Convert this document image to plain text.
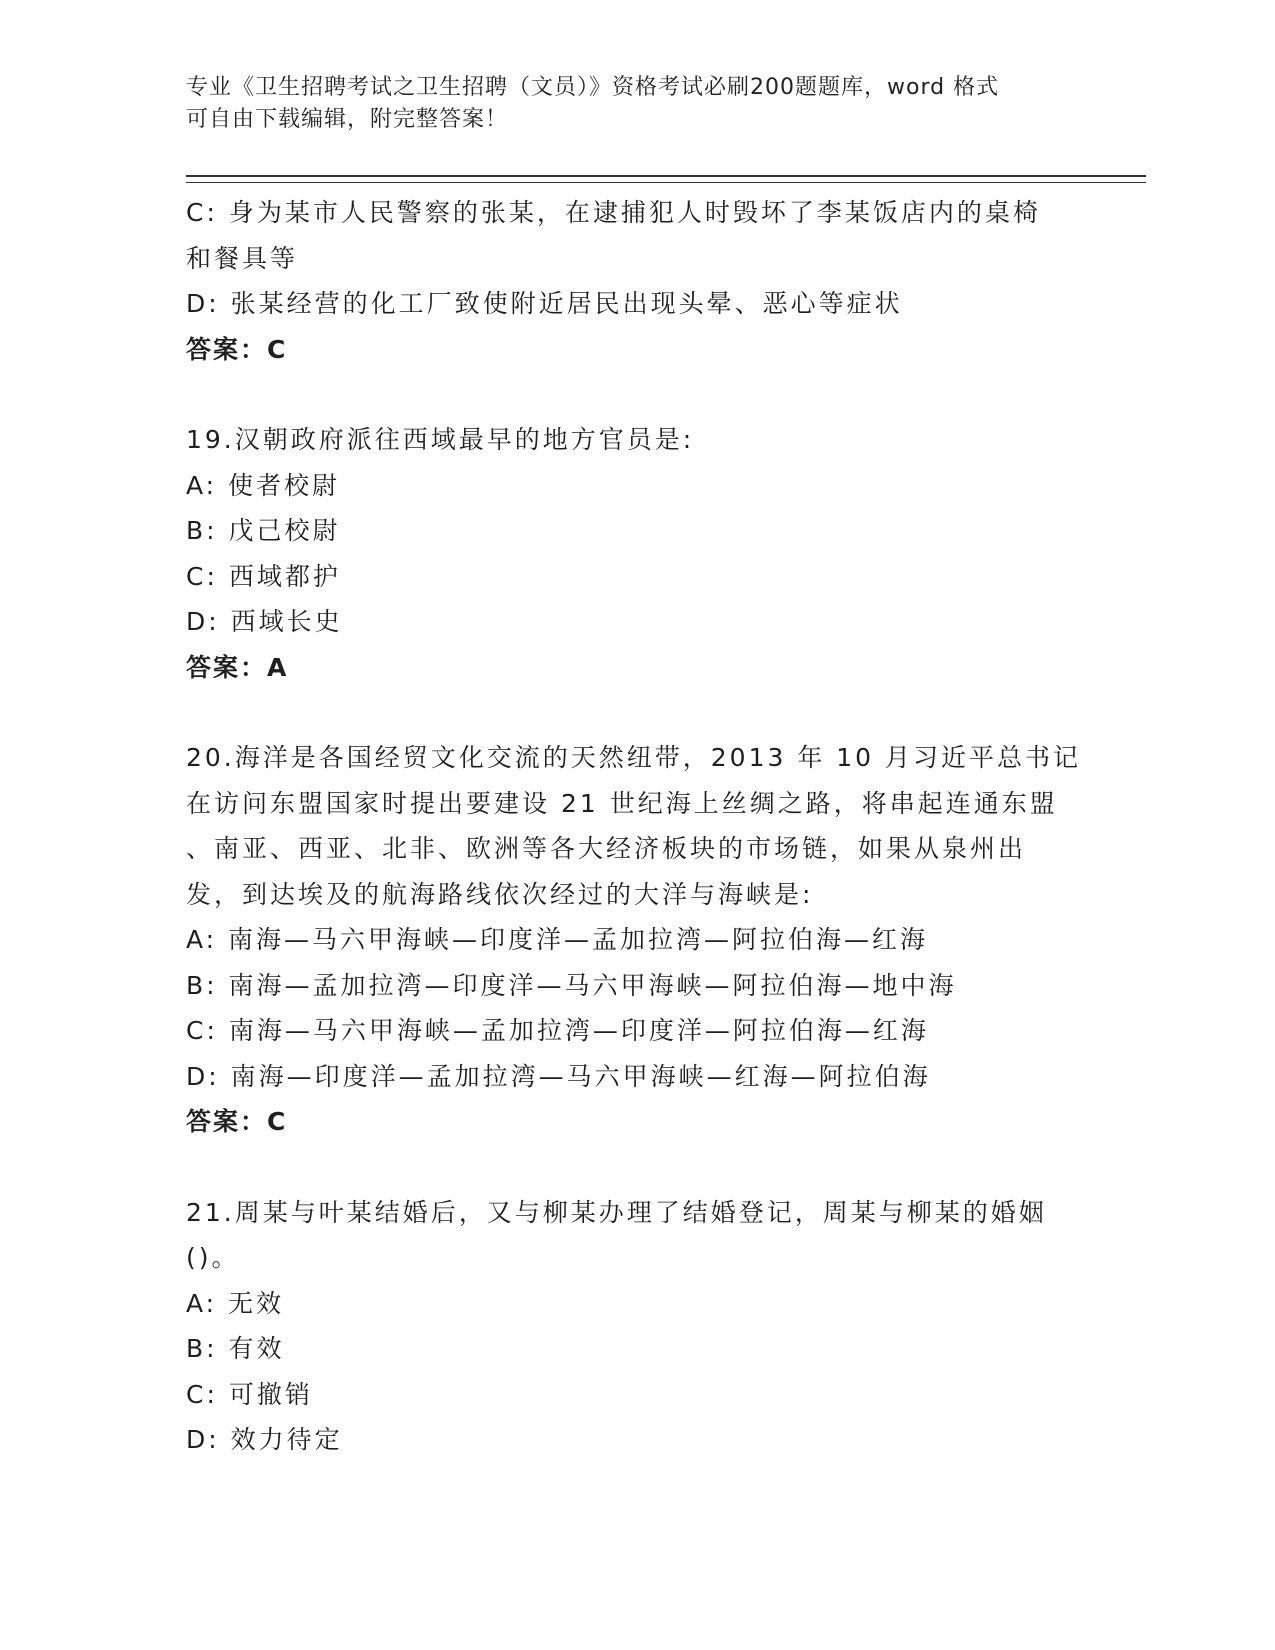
专业《卫生招聘考试之卫生招聘（文员）》资格考试必刷200题题库，word 格式
可自由下载编辑，附完整答案！
C: 身为某市人民警察的张某，在逮捕犯人时毁坏了李某饭店内的桌椅
和餐具等
D: 张某经营的化工厂致使附近居民出现头晕、恶心等症状
答案：C
19.汉朝政府派往西域最早的地方官员是:
A: 使者校尉
B: 戊己校尉
C: 西域都护
D: 西域长史
答案：A
20.海洋是各国经贸文化交流的天然纽带，2013 年 10 月习近平总书记
在访问东盟国家时提出要建设 21 世纪海上丝绸之路，将串起连通东盟
、南亚、西亚、北非、欧洲等各大经济板块的市场链，如果从泉州出
发，到达埃及的航海路线依次经过的大洋与海峡是:
A: 南海—马六甲海峡—印度洋—孟加拉湾—阿拉伯海—红海
B: 南海—孟加拉湾—印度洋—马六甲海峡—阿拉伯海—地中海
C: 南海—马六甲海峡—孟加拉湾—印度洋—阿拉伯海—红海
D: 南海—印度洋—孟加拉湾—马六甲海峡—红海—阿拉伯海
答案：C
21.周某与叶某结婚后，又与柳某办理了结婚登记，周某与柳某的婚姻
()。
A: 无效
B: 有效
C: 可撤销
D: 效力待定
